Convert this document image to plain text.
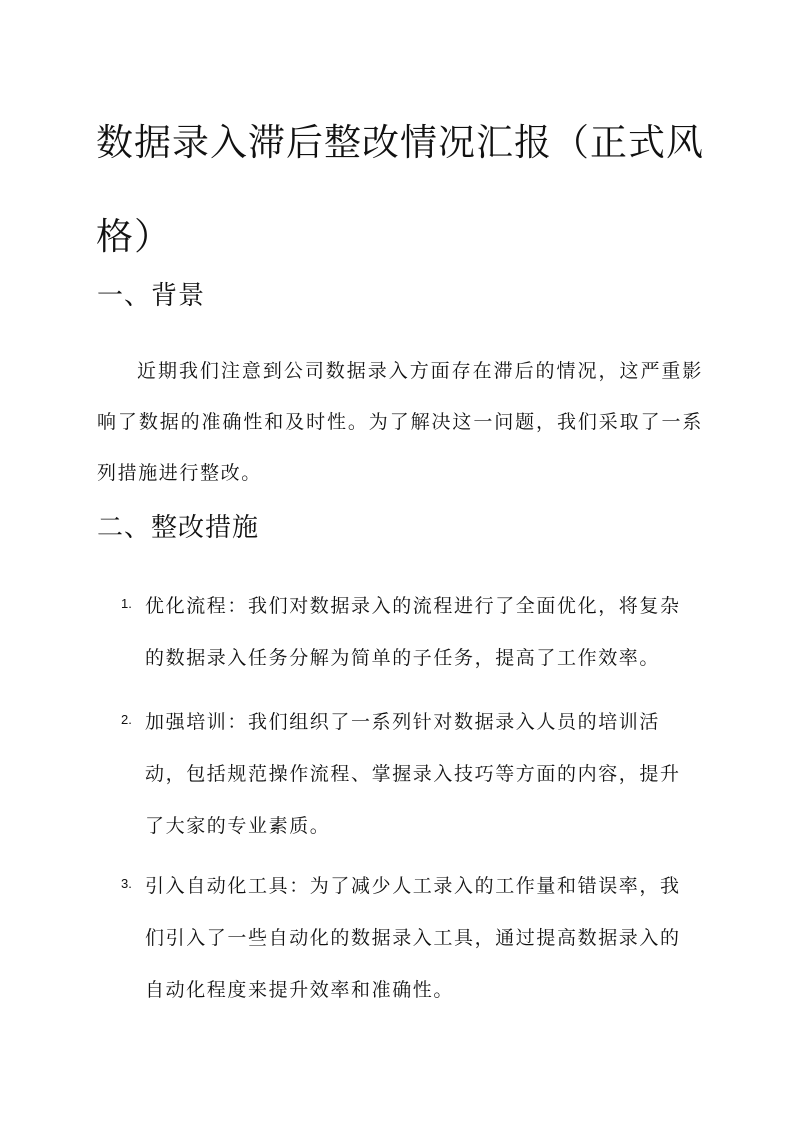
数据录入滞后整改情况汇报（正式风格）
一、背景

近期我们注意到公司数据录入方面存在滞后的情况，这严重影响了数据的准确性和及时性。为了解决这一问题，我们采取了一系列措施进行整改。

二、整改措施
1. 优化流程：我们对数据录入的流程进行了全面优化，将复杂的数据录入任务分解为简单的子任务，提高了工作效率。
2. 加强培训：我们组织了一系列针对数据录入人员的培训活动，包括规范操作流程、掌握录入技巧等方面的内容，提升了大家的专业素质。
3. 引入自动化工具：为了减少人工录入的工作量和错误率，我们引入了一些自动化的数据录入工具，通过提高数据录入的自动化程度来提升效率和准确性。
